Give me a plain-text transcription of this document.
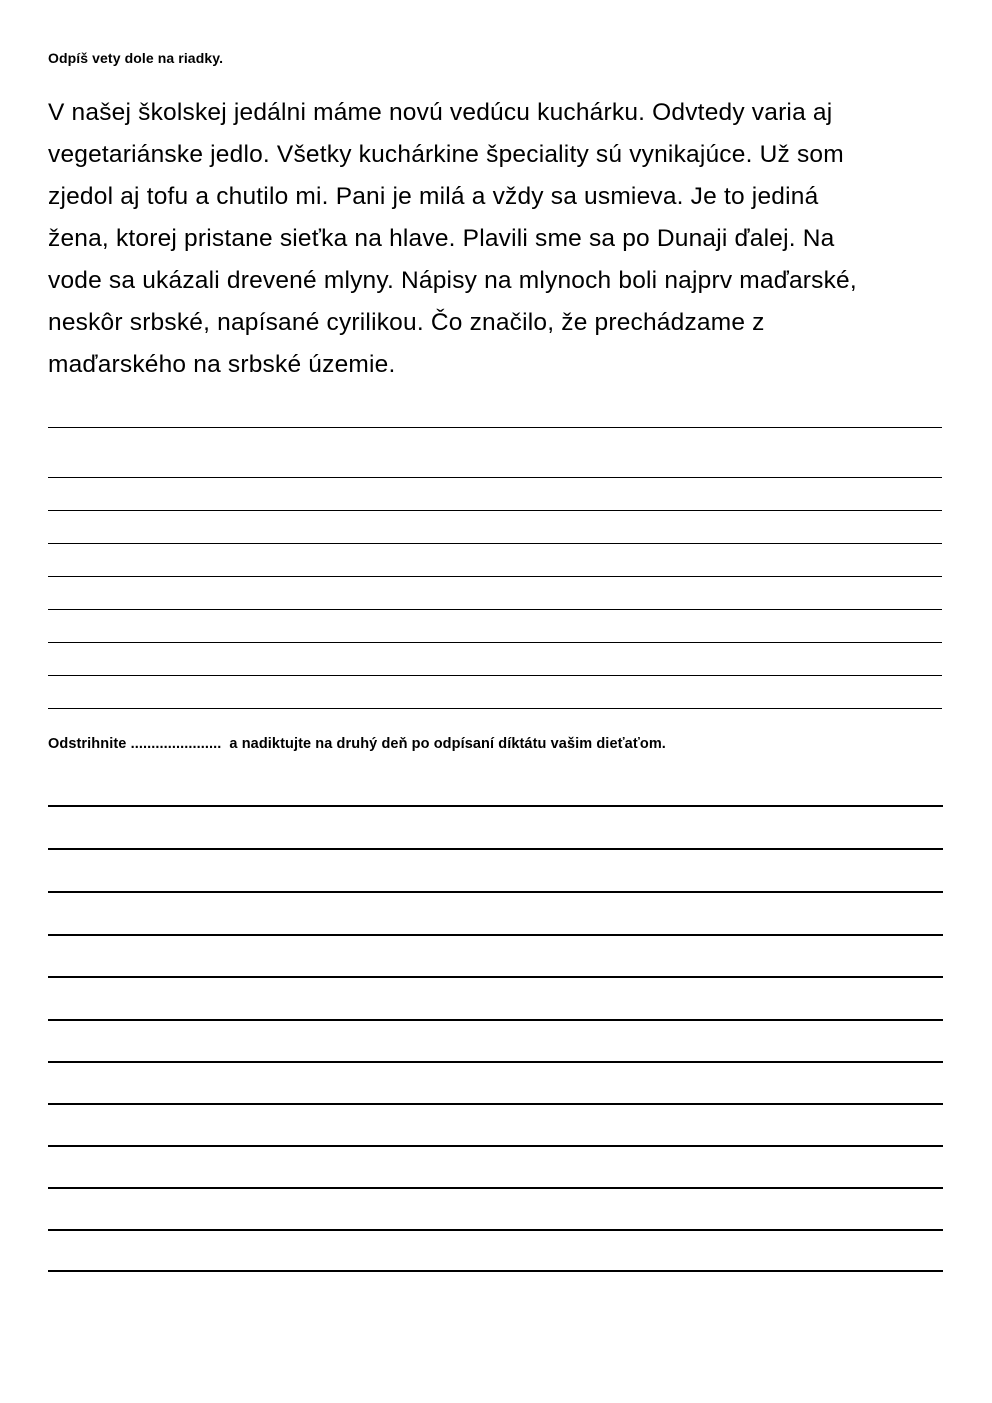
Odpíš vety dole na riadky.
V našej školskej jedálni máme novú vedúcu kuchárku. Odvtedy varia aj
vegetariánske jedlo. Všetky kuchárkine špeciality sú vynikajúce. Už som
zjedol aj tofu a chutilo mi. Pani je milá a vždy sa usmieva. Je to jediná
žena, ktorej pristane sieťka na hlave. Plavili sme sa po Dunaji ďalej. Na
vode sa ukázali drevené mlyny. Nápisy na mlynoch boli najprv maďarské,
neskôr srbské, napísané cyrilikou. Čo značilo, že prechádzame z
maďarského na srbské územie.
Odstrihnite ...................... a nadiktujte na druhý deň po odpísaní díktátu vašim dieťaťom.
